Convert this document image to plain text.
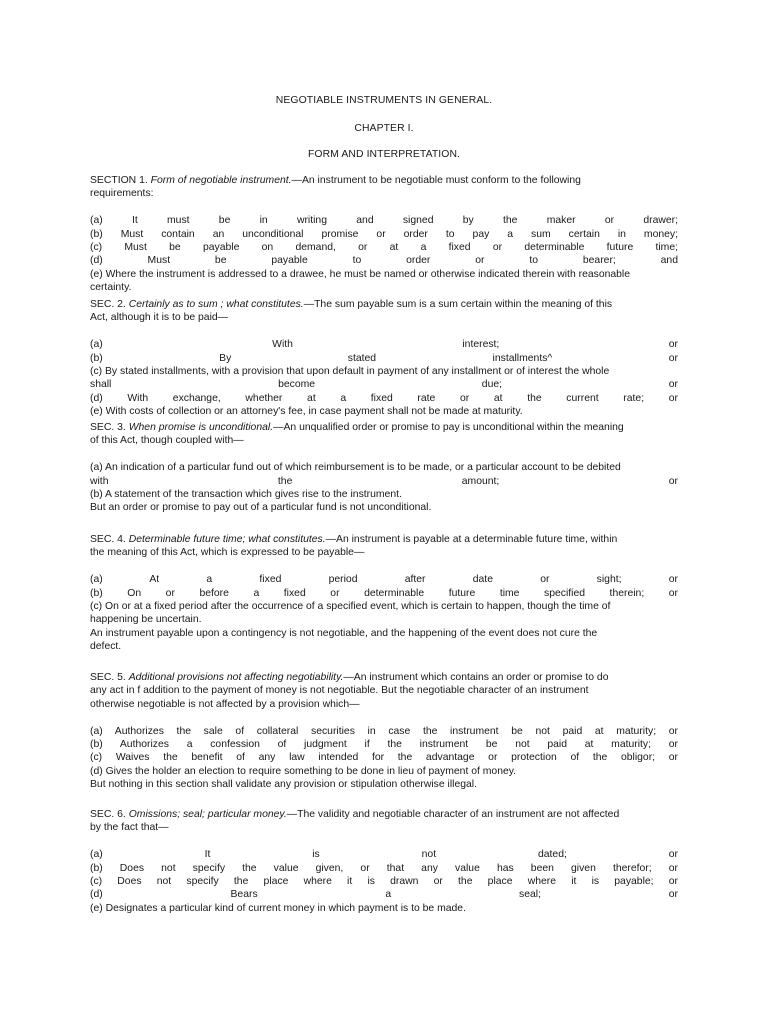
NEGOTIABLE INSTRUMENTS IN GENERAL.
CHAPTER I.
FORM AND INTERPRETATION.
SECTION 1. Form of negotiable instrument.—An instrument to be negotiable must conform to the following
requirements:
(a) It must be in writing and signed by the maker or drawer;
(b) Must contain an unconditional promise or order to pay a sum certain in money;
(c) Must be payable on demand, or at a fixed or determinable future time;
(d) Must be payable to order or to bearer; and
(e) Where the instrument is addressed to a drawee, he must be named or otherwise indicated therein with reasonable
certainty.
SEC. 2. Certainly as to sum ; what constitutes.—The sum payable sum is a sum certain within the meaning of this
Act, although it is to be paid—
(a) With interest; or
(b) By stated installments^ or
(c) By stated installments, with a provision that upon default in payment of any installment or of interest the whole
shall become due; or
(d) With exchange, whether at a fixed rate or at the current rate; or
(e) With costs of collection or an attorney's fee, in case payment shall not be made at maturity.
SEC. 3. When promise is unconditional.—An unqualified order or promise to pay is unconditional within the meaning
of this Act, though coupled with—
(a) An indication of a particular fund out of which reimbursement is to be made, or a particular account to be debited
with the amount; or
(b) A statement of the transaction which gives rise to the instrument.
But an order or promise to pay out of a particular fund is not unconditional.
SEC. 4. Determinable future time; what constitutes.—An instrument is payable at a determinable future time, within
the meaning of this Act, which is expressed to be payable—
(a) At a fixed period after date or sight; or
(b) On or before a fixed or determinable future time specified therein; or
(c) On or at a fixed period after the occurrence of a specified event, which is certain to happen, though the time of
happening be uncertain.
An instrument payable upon a contingency is not negotiable, and the happening of the event does not cure the
defect.
SEC. 5. Additional provisions not affecting negotiability.—An instrument which contains an order or promise to do
any act in f addition to the payment of money is not negotiable. But the negotiable character of an instrument
otherwise negotiable is not affected by a provision which—
(a) Authorizes the sale of collateral securities in case the instrument be not paid at maturity; or
(b) Authorizes a confession of judgment if the instrument be not paid at maturity; or
(c) Waives the benefit of any law intended for the advantage or protection of the obligor; or
(d) Gives the holder an election to require something to be done in lieu of payment of money.
But nothing in this section shall validate any provision or stipulation otherwise illegal.
SEC. 6. Omissions; seal; particular money.—The validity and negotiable character of an instrument are not affected
by the fact that—
(a) It is not dated; or
(b) Does not specify the value given, or that any value has been given therefor; or
(c) Does not specify the place where it is drawn or the place where it is payable; or
(d) Bears a seal; or
(e) Designates a particular kind of current money in which payment is to be made.
